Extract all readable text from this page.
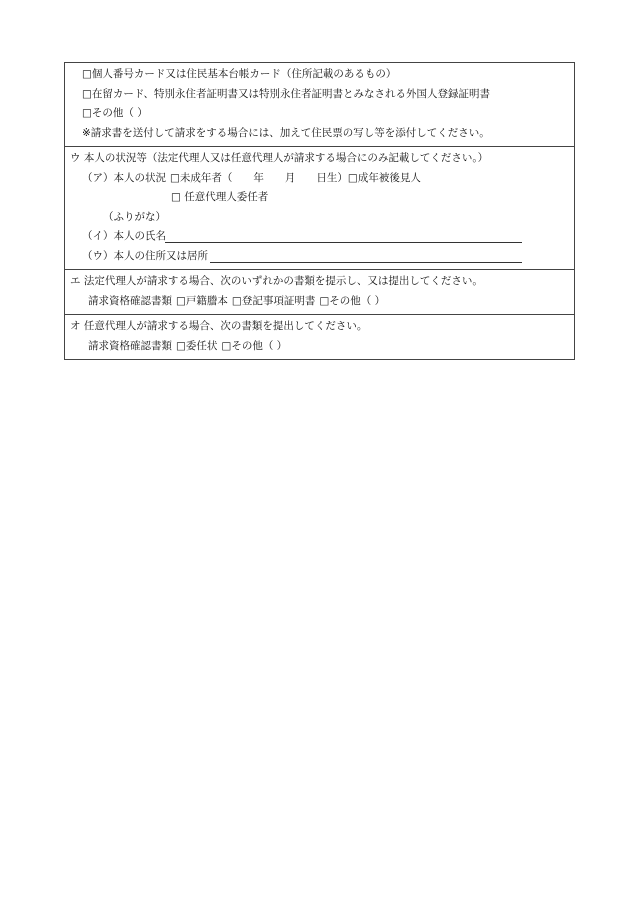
□個人番号カード又は住民基本台帳カード（住所記載のあるもの）
□在留カード、特別永住者証明書又は特別永住者証明書とみなされる外国人登録証明書
□その他（ ）
※請求書を送付して請求をする場合には、加えて住民票の写し等を添付してください。
ウ 本人の状況等（法定代理人又は任意代理人が請求する場合にのみ記載してください。）
（ア）本人の状況 □未成年者（　　年　　月　　日生）□成年被後見人
□ 任意代理人委任者
（ふりがな）
（イ）本人の氏名
（ウ）本人の住所又は居所
エ 法定代理人が請求する場合、次のいずれかの書類を提示し、又は提出してください。
請求資格確認書類 □戸籍謄本 □登記事項証明書 □その他（ ）
オ 任意代理人が請求する場合、次の書類を提出してください。
請求資格確認書類 □委任状 □その他（ ）
